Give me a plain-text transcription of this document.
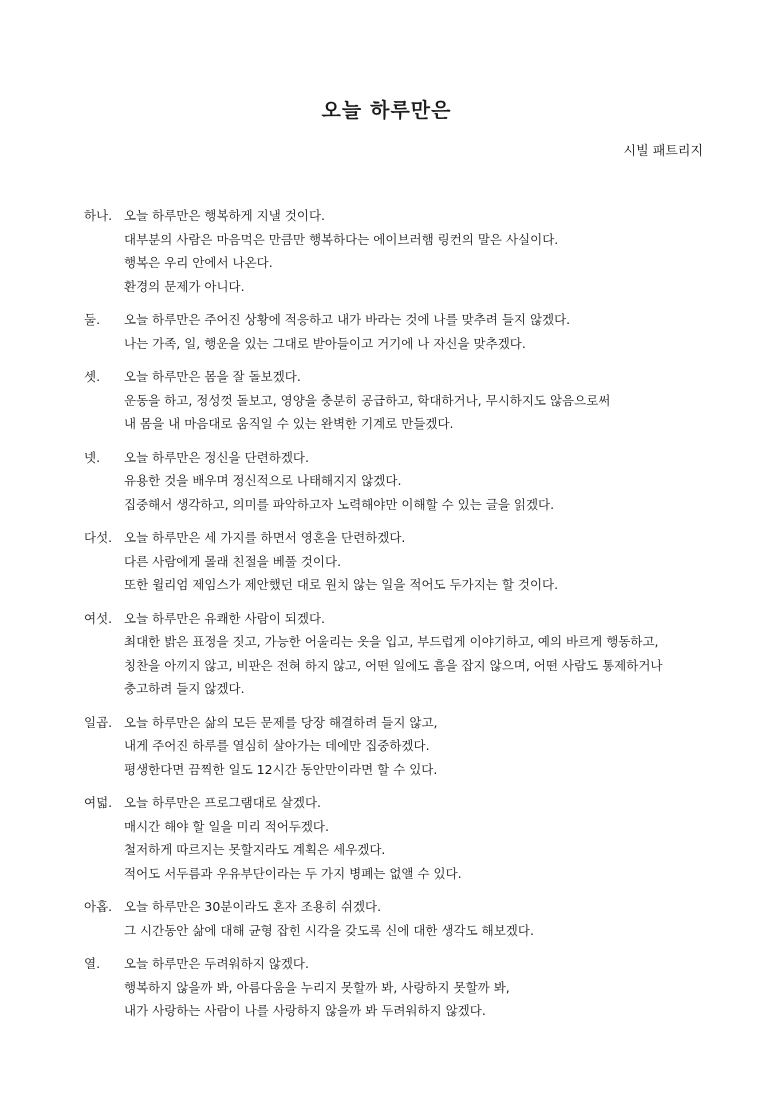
오늘 하루만은
시빌 패트리지
하나. 오늘 하루만은 행복하게 지낼 것이다.
대부분의 사람은 마음먹은 만큼만 행복하다는 에이브러햄 링컨의 말은 사실이다.
행복은 우리 안에서 나온다.
환경의 문제가 아니다.
둘.	오늘 하루만은 주어진 상황에 적응하고 내가 바라는 것에 나를 맞추려 들지 않겠다.
나는 가족, 일, 행운을 있는 그대로 받아들이고 거기에 나 자신을 맞추겠다.
셋.	오늘 하루만은 몸을 잘 돌보겠다.
운동을 하고, 정성껏 돌보고, 영양을 충분히 공급하고, 학대하거나, 무시하지도 않음으로써
내 몸을 내 마음대로 움직일 수 있는 완벽한 기계로 만들겠다.
넷.	오늘 하루만은 정신을 단련하겠다.
유용한 것을 배우며 정신적으로 나태해지지 않겠다.
집중해서 생각하고, 의미를 파악하고자 노력해야만 이해할 수 있는 글을 읽겠다.
다섯. 오늘 하루만은 세 가지를 하면서 영혼을 단련하겠다.
다른 사람에게 몰래 친절을 베풀 것이다.
또한 윌리엄 제임스가 제안했던 대로 원치 않는 일을 적어도 두가지는 할 것이다.
여섯. 오늘 하루만은 유쾌한 사람이 되겠다.
최대한 밝은 표정을 짓고, 가능한 어울리는 옷을 입고, 부드럽게 이야기하고, 예의 바르게 행동하고,
칭찬을 아끼지 않고, 비판은 전혀 하지 않고, 어떤 일에도 흠을 잡지 않으며, 어떤 사람도 통제하거나
충고하려 들지 않겠다.
일곱. 오늘 하루만은 삶의 모든 문제를 당장 해결하려 들지 않고,
내게 주어진 하루를 열심히 살아가는 데에만 집중하겠다.
평생한다면 끔찍한 일도 12시간 동안만이라면 할 수 있다.
여덟. 오늘 하루만은 프로그램대로 살겠다.
매시간 해야 할 일을 미리 적어두겠다.
철저하게 따르지는 못할지라도 계획은 세우겠다.
적어도 서두름과 우유부단이라는 두 가지 병폐는 없앨 수 있다.
아홉. 오늘 하루만은 30분이라도 혼자 조용히 쉬겠다.
그 시간동안 삶에 대해 균형 잡힌 시각을 갖도록 신에 대한 생각도 해보겠다.
열.	오늘 하루만은 두려워하지 않겠다.
행복하지 않을까 봐, 아름다움을 누리지 못할까 봐, 사랑하지 못할까 봐,
내가 사랑하는 사람이 나를 사랑하지 않을까 봐 두려워하지 않겠다.
